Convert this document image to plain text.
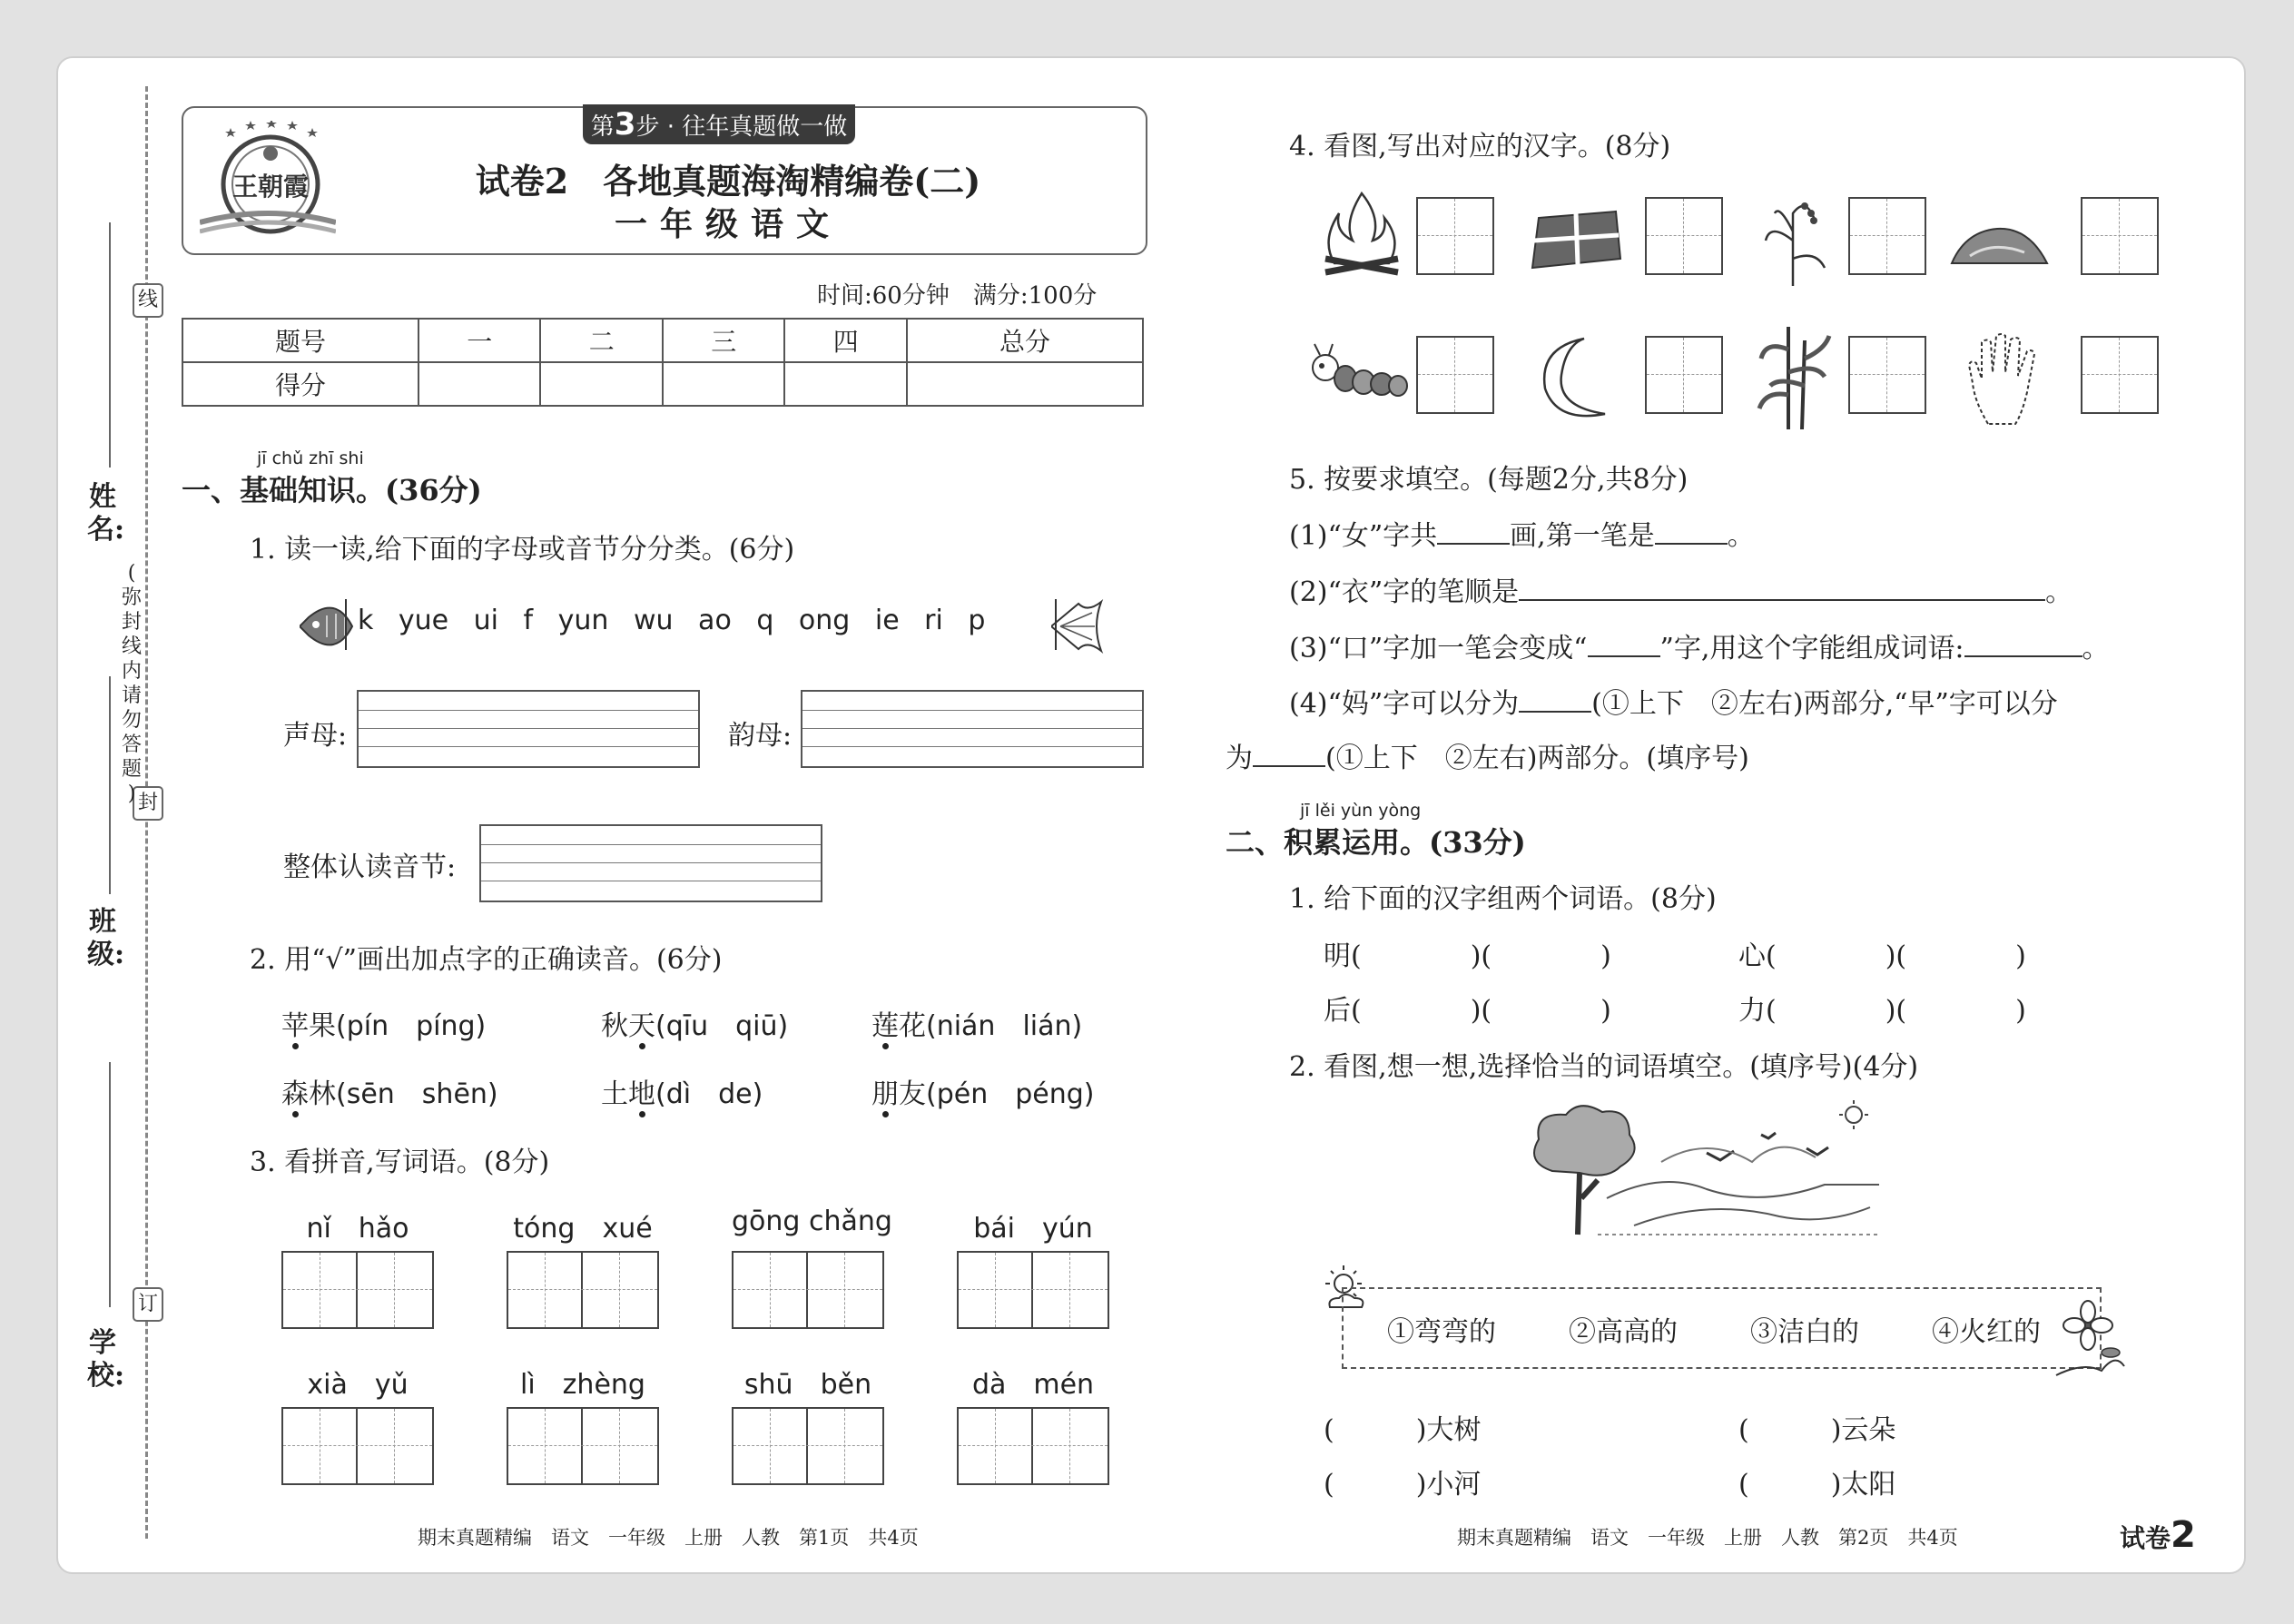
线
封
订
姓名:
班级:
学校:
(
弥
封
线
内
请
勿
答
题
)
第3步 · 往年真题做一做
王朝霞	试卷2　各地真题海淘精编卷(二)
一年级语文
时间:60分钟　 满分:100分
题号	一	二	三	四	总分
得分					
jī chǔ zhī shi
一、基础知识。(36分)
1. 读一读,给下面的字母或音节分分类。(6分)
k yue ui f yun wu ao q ong ie ri p
声母:	韵母:
整体认读音节:
2. 用“√”画出加点字的正确读音。(6分)
苹果(pín　píng)	秋天(qīu　qiū)	莲花(nián　lián)
森林(sēn　shēn)	土地(dì　de)	朋友(pén　péng)
3. 看拼音,写词语。(8分)
nǐ　hǎo	tóng　xué	gōng chǎng	bái　yún
xià　yǔ	lì　zhèng	shū　běn	dà　mén
期末真题精编　语文　一年级　上册　人教　第1页　共4页
4. 看图,写出对应的汉字。(8分)
5. 按要求填空。(每题2分,共8分)
(1)“女”字共	画,第一笔是	。
(2)“衣”字的笔顺是	。
(3)“口”字加一笔会变成“	”字,用这个字能组成词语:	。
(4)“妈”字可以分为	(①上下　②左右)两部分,“早”字可以分
为	(①上下　②左右)两部分。(填序号)
jī lěi yùn yòng
二、积累运用。(33分)
1. 给下面的汉字组两个词语。(8分)
明(　　　　)(　　　　)	心(　　　　)(　　　　)
后(　　　　)(　　　　)	力(　　　　)(　　　　)
2. 看图,想一想,选择恰当的词语填空。(填序号)(4分)
①弯弯的	②高高的	③洁白的	④火红的
(　　　)大树	(　　　)云朵
(　　　)小河	(　　　)太阳
期末真题精编　语文　一年级　上册　人教　第2页　共4页	试卷2
